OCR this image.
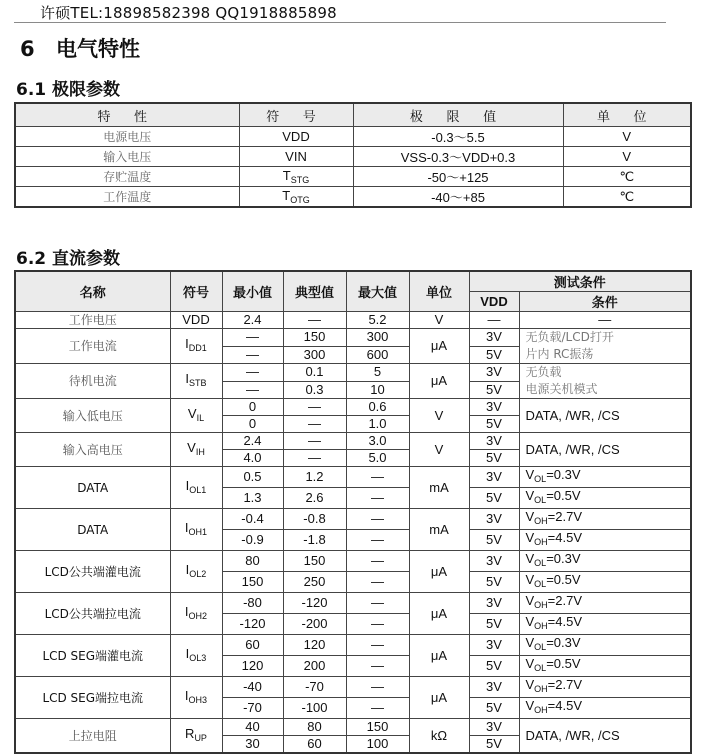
许硕TEL:18898582398 QQ1918885898
6 电气特性
6.1 极限参数
特 性	符 号	极 限 值	单 位
电源电压	VDD	-0.3～5.5	V
输入电压	VIN	VSS-0.3～VDD+0.3	V
存贮温度	$T_{STG}$	-50～+125	℃
工作温度	$T_{OTG}$	-40～+85	℃
6.2 直流参数
名称	符号	最小值	典型值	最大值	单位	测试条件	
						VDD	条件
工作电压	VDD	2.4	—	5.2	V	—	—
工作电流	$I_{DD1}$	—	150	300	μA	3V	无负载/LCD打开
片内 RC振荡
		—	300	600		5V	
待机电流	$I_{STB}$	—	0.1	5	μA	3V	无负载
电源关机模式
		—	0.3	10		5V	
输入低电压	$V_{IL}$	0	—	0.6	V	3V	DATA, /WR, /CS
		0	—	1.0		5V	
输入高电压	$V_{IH}$	2.4	—	3.0	V	3V	DATA, /WR, /CS
		4.0	—	5.0		5V	
DATA	$I_{OL1}$	0.5	1.2	—	mA	3V	$V_{OL}=0.3V$
		1.3	2.6	—		5V	$V_{OL}=0.5V$
DATA	$I_{OH1}$	-0.4	-0.8	—	mA	3V	$V_{OH}=2.7V$
		-0.9	-1.8	—		5V	$V_{OH}=4.5V$
LCD公共端灌电流	$I_{OL2}$	80	150	—	μA	3V	$V_{OL}=0.3V$
		150	250	—		5V	$V_{OL}=0.5V$
LCD公共端拉电流	$I_{OH2}$	-80	-120	—	μA	3V	$V_{OH}=2.7V$
		-120	-200	—		5V	$V_{OH}=4.5V$
LCD SEG端灌电流	$I_{OL3}$	60	120	—	μA	3V	$V_{OL}=0.3V$
		120	200	—		5V	$V_{OL}=0.5V$
LCD SEG端拉电流	$I_{OH3}$	-40	-70	—	μA	3V	$V_{OH}=2.7V$
		-70	-100	—		5V	$V_{OH}=4.5V$
上拉电阻	$R_{UP}$	40	80	150	kΩ	3V	DATA, /WR, /CS
		30	60	100		5V	
